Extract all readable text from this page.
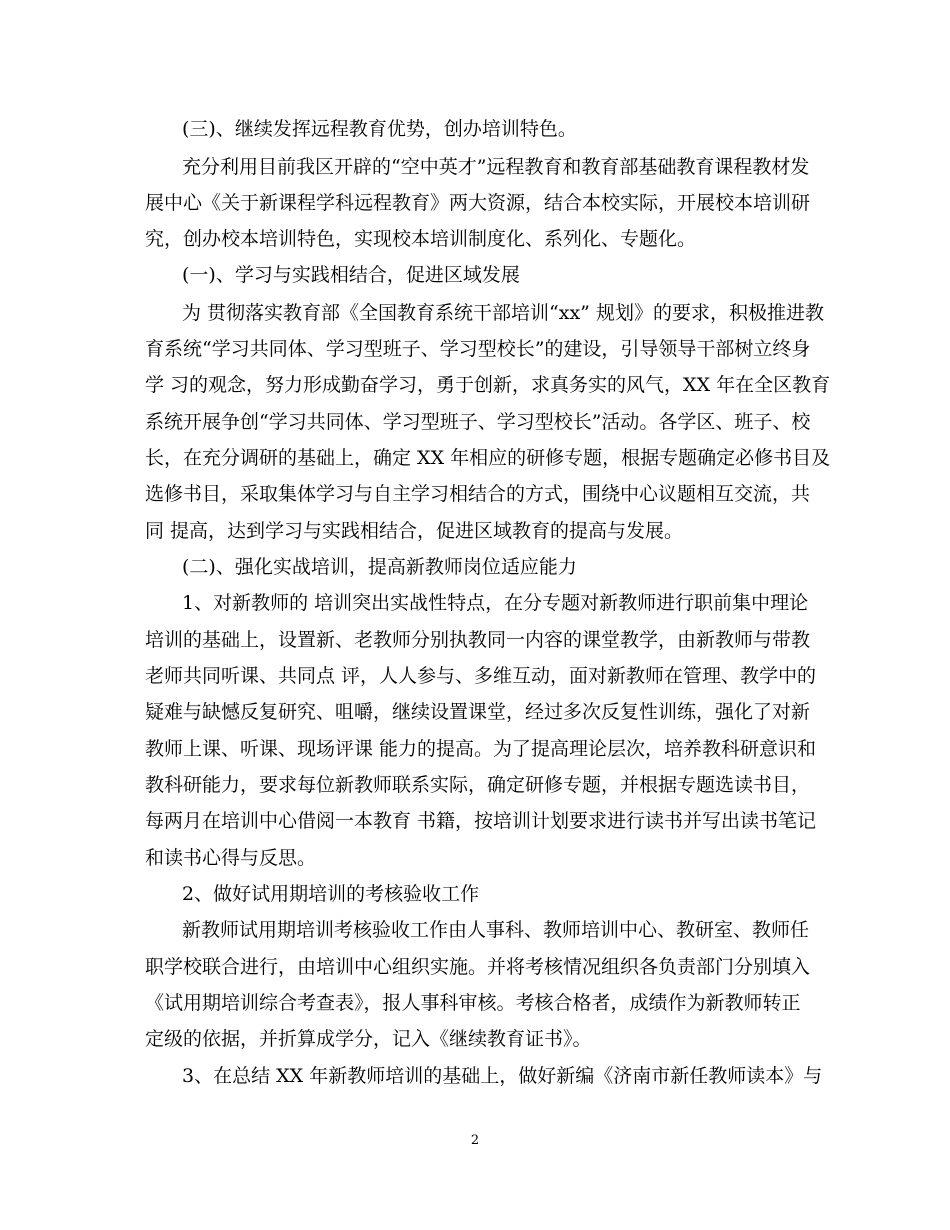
(三)、继续发挥远程教育优势，创办培训特色。
充分利用目前我区开辟的“空中英才”远程教育和教育部基础教育课程教材发
展中心《关于新课程学科远程教育》两大资源，结合本校实际，开展校本培训研
究，创办校本培训特色，实现校本培训制度化、系列化、专题化。
(一)、学习与实践相结合，促进区域发展
为 贯彻落实教育部《全国教育系统干部培训“xx” 规划》的要求，积极推进教
育系统“学习共同体、学习型班子、学习型校长”的建设，引导领导干部树立终身
学 习的观念，努力形成勤奋学习，勇于创新，求真务实的风气，XX 年在全区教育
系统开展争创“学习共同体、学习型班子、学习型校长”活动。各学区、班子、校
长，在充分调研的基础上，确定 XX 年相应的研修专题，根据专题确定必修书目及
选修书目，采取集体学习与自主学习相结合的方式，围绕中心议题相互交流，共
同 提高，达到学习与实践相结合，促进区域教育的提高与发展。
(二)、强化实战培训，提高新教师岗位适应能力
1、对新教师的 培训突出实战性特点，在分专题对新教师进行职前集中理论
培训的基础上，设置新、老教师分别执教同一内容的课堂教学，由新教师与带教
老师共同听课、共同点 评，人人参与、多维互动，面对新教师在管理、教学中的
疑难与缺憾反复研究、咀嚼，继续设置课堂，经过多次反复性训练，强化了对新
教师上课、听课、现场评课 能力的提高。为了提高理论层次，培养教科研意识和
教科研能力，要求每位新教师联系实际，确定研修专题，并根据专题选读书目，
每两月在培训中心借阅一本教育 书籍，按培训计划要求进行读书并写出读书笔记
和读书心得与反思。
2、做好试用期培训的考核验收工作
新教师试用期培训考核验收工作由人事科、教师培训中心、教研室、教师任
职学校联合进行，由培训中心组织实施。并将考核情况组织各负责部门分别填入
《试用期培训综合考查表》，报人事科审核。考核合格者，成绩作为新教师转正
定级的依据，并折算成学分，记入《继续教育证书》。
3、在总结 XX 年新教师培训的基础上，做好新编《济南市新任教师读本》与
2
